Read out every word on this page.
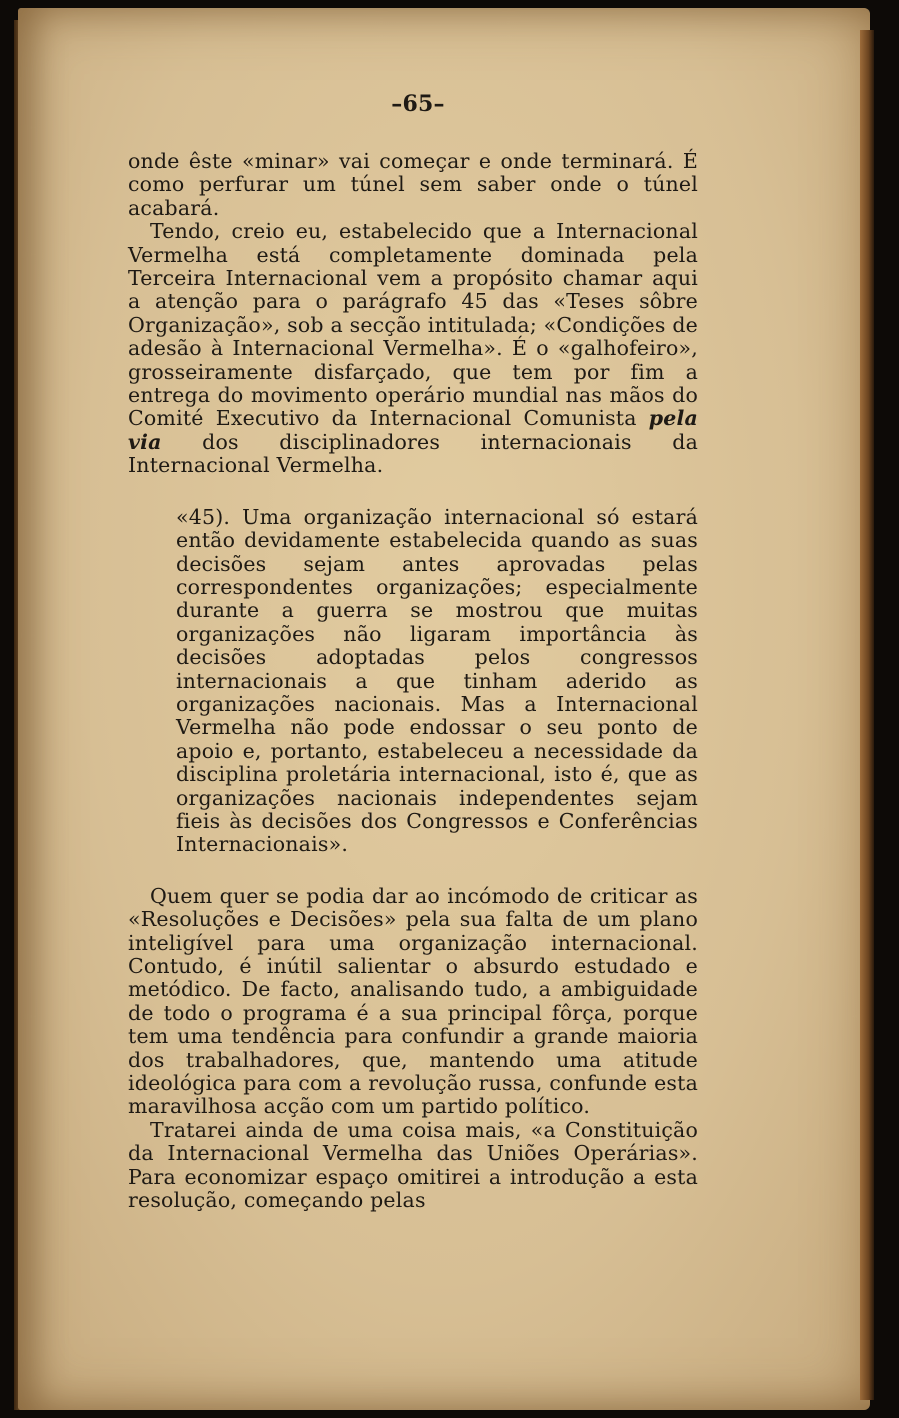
–65–

onde êste «minar» vai começar e onde terminará. É como perfurar um túnel sem saber onde o túnel acabará.

Tendo, creio eu, estabelecido que a Internacional Vermelha está completamente dominada pela Terceira Internacional vem a propósito chamar aqui a atenção para o parágrafo 45 das «Teses sôbre Organização», sob a secção intitulada; «Condições de adesão à Internacional Vermelha». É o «galhofeiro», grosseiramente disfarçado, que tem por fim a entrega do movimento operário mundial nas mãos do Comité Executivo da Internacional Comunista pela via dos disciplinadores internacionais da Internacional Vermelha.

«45). Uma organização internacional só estará então devidamente estabelecida quando as suas decisões sejam antes aprovadas pelas correspondentes organizações; especialmente durante a guerra se mostrou que muitas organizações não ligaram importância às decisões adoptadas pelos congressos internacionais a que tinham aderido as organizações nacionais. Mas a Internacional Vermelha não pode endossar o seu ponto de apoio e, portanto, estabeleceu a necessidade da disciplina proletária internacional, isto é, que as organizações nacionais independentes sejam fieis às decisões dos Congressos e Conferências Internacionais».

Quem quer se podia dar ao incómodo de criticar as «Resoluções e Decisões» pela sua falta de um plano inteligível para uma organização internacional. Contudo, é inútil salientar o absurdo estudado e metódico. De facto, analisando tudo, a ambiguidade de todo o programa é a sua principal fôrça, porque tem uma tendência para confundir a grande maioria dos trabalhadores, que, mantendo uma atitude ideológica para com a revolução russa, confunde esta maravilhosa acção com um partido político.

Tratarei ainda de uma coisa mais, «a Constituição da Internacional Vermelha das Uniões Operárias». Para economizar espaço omitirei a introdução a esta resolução, começando pelas
